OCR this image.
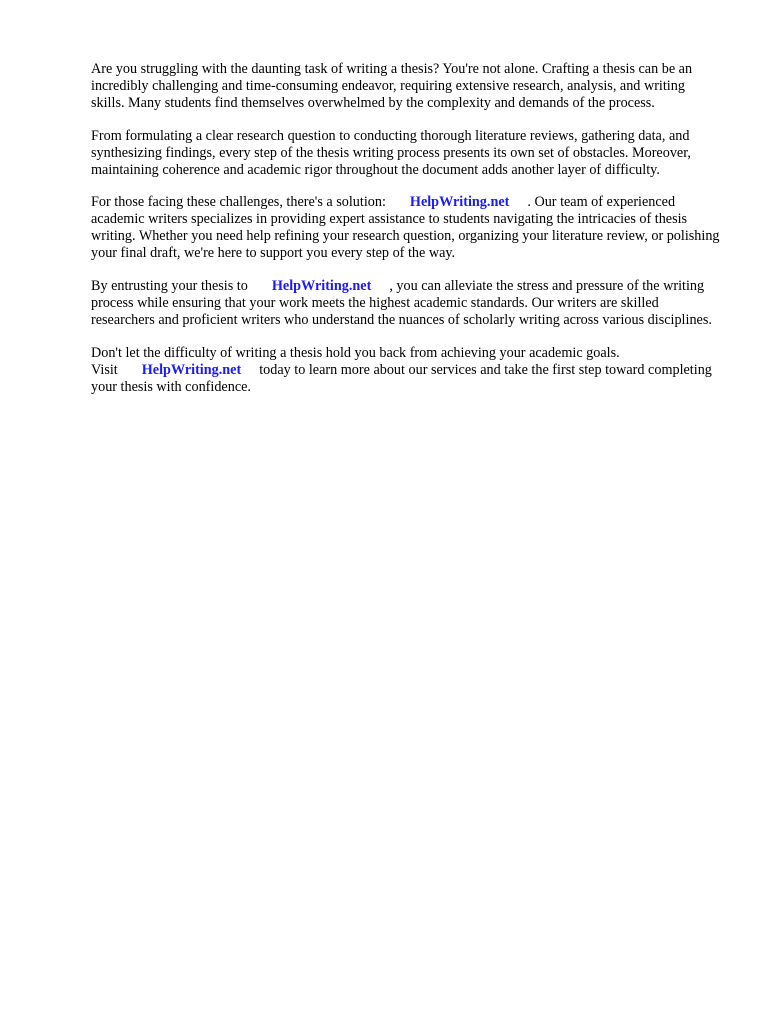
Are you struggling with the daunting task of writing a thesis? You're not alone. Crafting a thesis can be an incredibly challenging and time-consuming endeavor, requiring extensive research, analysis, and writing skills. Many students find themselves overwhelmed by the complexity and demands of the process.

From formulating a clear research question to conducting thorough literature reviews, gathering data, and synthesizing findings, every step of the thesis writing process presents its own set of obstacles. Moreover, maintaining coherence and academic rigor throughout the document adds another layer of difficulty.

For those facing these challenges, there's a solution: HelpWriting.net . Our team of experienced academic writers specializes in providing expert assistance to students navigating the intricacies of thesis writing. Whether you need help refining your research question, organizing your literature review, or polishing your final draft, we're here to support you every step of the way.

By entrusting your thesis to HelpWriting.net , you can alleviate the stress and pressure of the writing process while ensuring that your work meets the highest academic standards. Our writers are skilled researchers and proficient writers who understand the nuances of scholarly writing across various disciplines.

Don't let the difficulty of writing a thesis hold you back from achieving your academic goals. Visit HelpWriting.net today to learn more about our services and take the first step toward completing your thesis with confidence.
